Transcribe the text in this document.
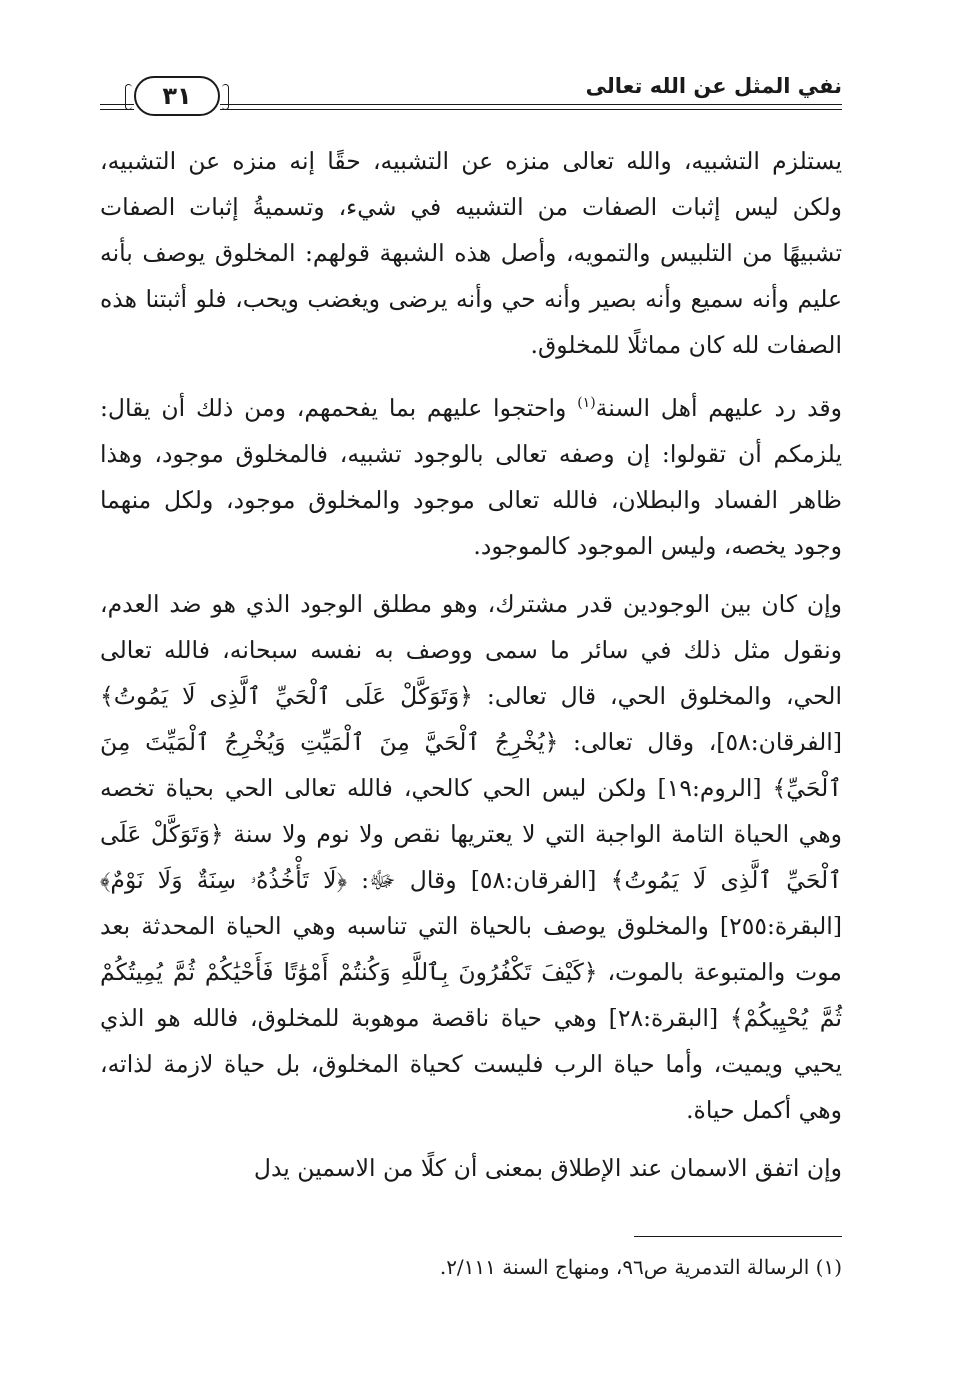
٣١	نفي المثل عن الله تعالى

يستلزم التشبيه، والله تعالى منزه عن التشبيه، حقًا إنه منزه عن التشبيه، ولكن ليس إثبات الصفات من التشبيه في شيء، وتسميةُ إثبات الصفات تشبيهًا من التلبيس والتمويه، وأصل هذه الشبهة قولهم: المخلوق يوصف بأنه عليم وأنه سميع وأنه بصير وأنه حي وأنه يرضى ويغضب ويحب، فلو أثبتنا هذه الصفات لله كان مماثلًا للمخلوق.

وقد رد عليهم أهل السنة$^{(١)}$ واحتجوا عليهم بما يفحمهم، ومن ذلك أن يقال: يلزمكم أن تقولوا: إن وصفه تعالى بالوجود تشبيه، فالمخلوق موجود، وهذا ظاهر الفساد والبطلان، فالله تعالى موجود والمخلوق موجود، ولكل منهما وجود يخصه، وليس الموجود كالموجود.

وإن كان بين الوجودين قدر مشترك، وهو مطلق الوجود الذي هو ضد العدم، ونقول مثل ذلك في سائر ما سمى ووصف به نفسه سبحانه، فالله تعالى الحي، والمخلوق الحي، قال تعالى: ﴿وَتَوَكَّلْ عَلَى ٱلْحَيِّ ٱلَّذِى لَا يَمُوتُ﴾ [الفرقان:٥٨]، وقال تعالى: ﴿يُخْرِجُ ٱلْحَيَّ مِنَ ٱلْمَيِّتِ وَيُخْرِجُ ٱلْمَيِّتَ مِنَ ٱلْحَيِّ﴾ [الروم:١٩] ولكن ليس الحي كالحي، فالله تعالى الحي بحياة تخصه وهي الحياة التامة الواجبة التي لا يعتريها نقص ولا نوم ولا سنة ﴿وَتَوَكَّلْ عَلَى ٱلْحَيِّ ٱلَّذِى لَا يَمُوتُ﴾ [الفرقان:٥٨] وقال ﷻ: ﴿لَا تَأْخُذُهُۥ سِنَةٌ وَلَا نَوْمٌ﴾ [البقرة:٢٥٥] والمخلوق يوصف بالحياة التي تناسبه وهي الحياة المحدثة بعد موت والمتبوعة بالموت، ﴿كَيْفَ تَكْفُرُونَ بِٱللَّهِ وَكُنتُمْ أَمْوَٰتًا فَأَحْيَٰكُمْ ثُمَّ يُمِيتُكُمْ ثُمَّ يُحْيِيكُمْ﴾ [البقرة:٢٨] وهي حياة ناقصة موهوبة للمخلوق، فالله هو الذي يحيي ويميت، وأما حياة الرب فليست كحياة المخلوق، بل حياة لازمة لذاته، وهي أكمل حياة.

وإن اتفق الاسمان عند الإطلاق بمعنى أن كلًا من الاسمين يدل

(١) الرسالة التدمرية ص٩٦، ومنهاج السنة ٢/١١١.
